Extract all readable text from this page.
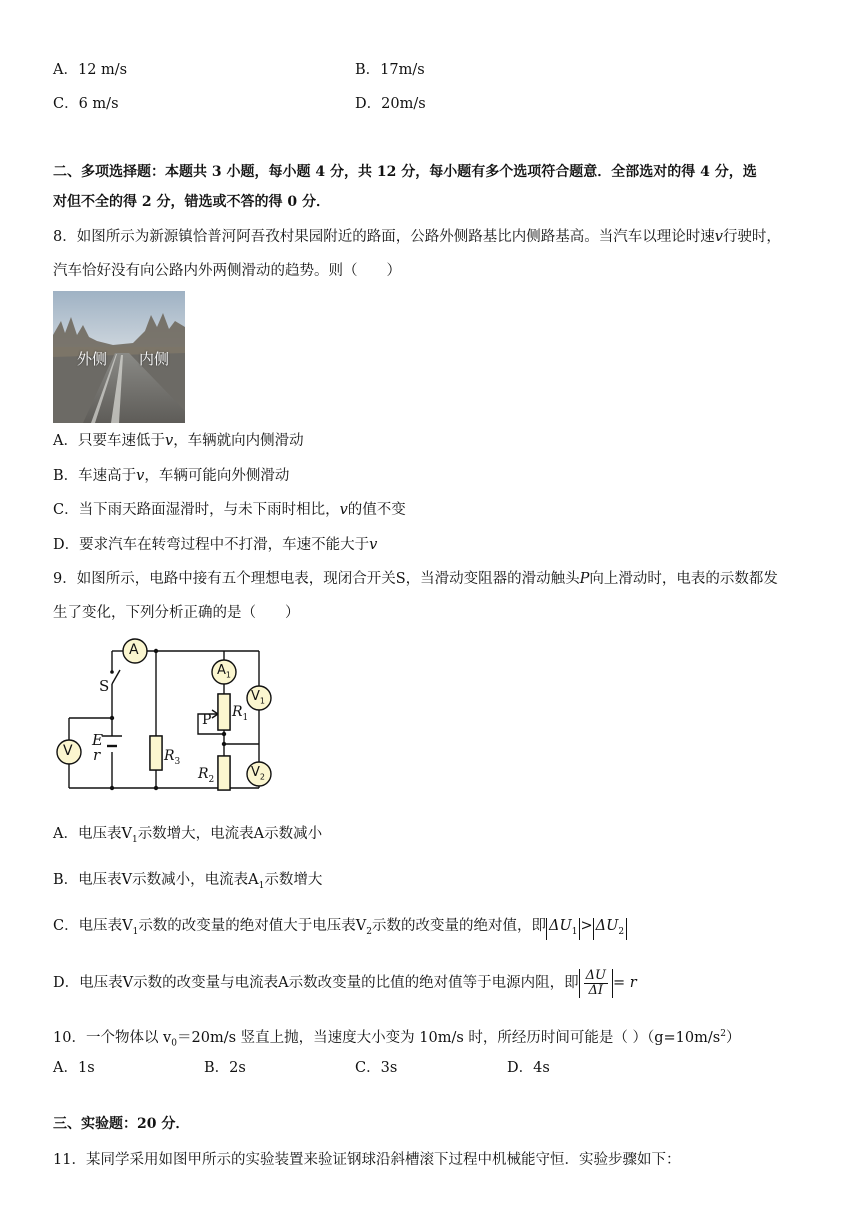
A．12 m/s	B．17m/s
C．6 m/s	D．20m/s
二、多项选择题：本题共 3 小题，每小题 4 分，共 12 分，每小题有多个选项符合题意．全部选对的得 4 分，选
对但不全的得 2 分，错选或不答的得 0 分．
8．如图所示为新源镇恰普河阿吾孜村果园附近的路面，公路外侧路基比内侧路基高。当汽车以理论时速v行驶时，
汽车恰好没有向公路内外两侧滑动的趋势。则（　　）
外侧 内侧
A．只要车速低于v，车辆就向内侧滑动
B．车速高于v，车辆可能向外侧滑动
C．当下雨天路面湿滑时，与未下雨时相比，v的值不变
D．要求汽车在转弯过程中不打滑，车速不能大于v
9．如图所示，电路中接有五个理想电表，现闭合开关S，当滑动变阻器的滑动触头P向上滑动时，电表的示数都发
生了变化，下列分析正确的是（　　）
A
$A_1$
$V_1$
$V_2$
V
S
E
r	$R_3$
$R_1$
$R_2$
P
A．电压表$V_1$示数增大，电流表A示数减小
B．电压表V示数减小，电流表$A_1$示数增大
C．电压表$V_1$示数的改变量的绝对值大于电压表$V_2$示数的改变量的绝对值，即 $\Delta U_1 > \Delta U_2$
D．电压表V示数的改变量与电流表A示数改变量的比值的绝对值等于电源内阻，即 $\frac{\Delta U}{\Delta I} = r$
10．一个物体以 $v_0=20m/s$ 竖直上抛，当速度大小变为 10m/s 时，所经历时间可能是（ ）$(g=10m/s^2)$
A．1s	B．2s	C．3s	D．4s
三、实验题：20 分．
11．某同学采用如图甲所示的实验装置来验证钢球沿斜槽滚下过程中机械能守恒．实验步骤如下：
